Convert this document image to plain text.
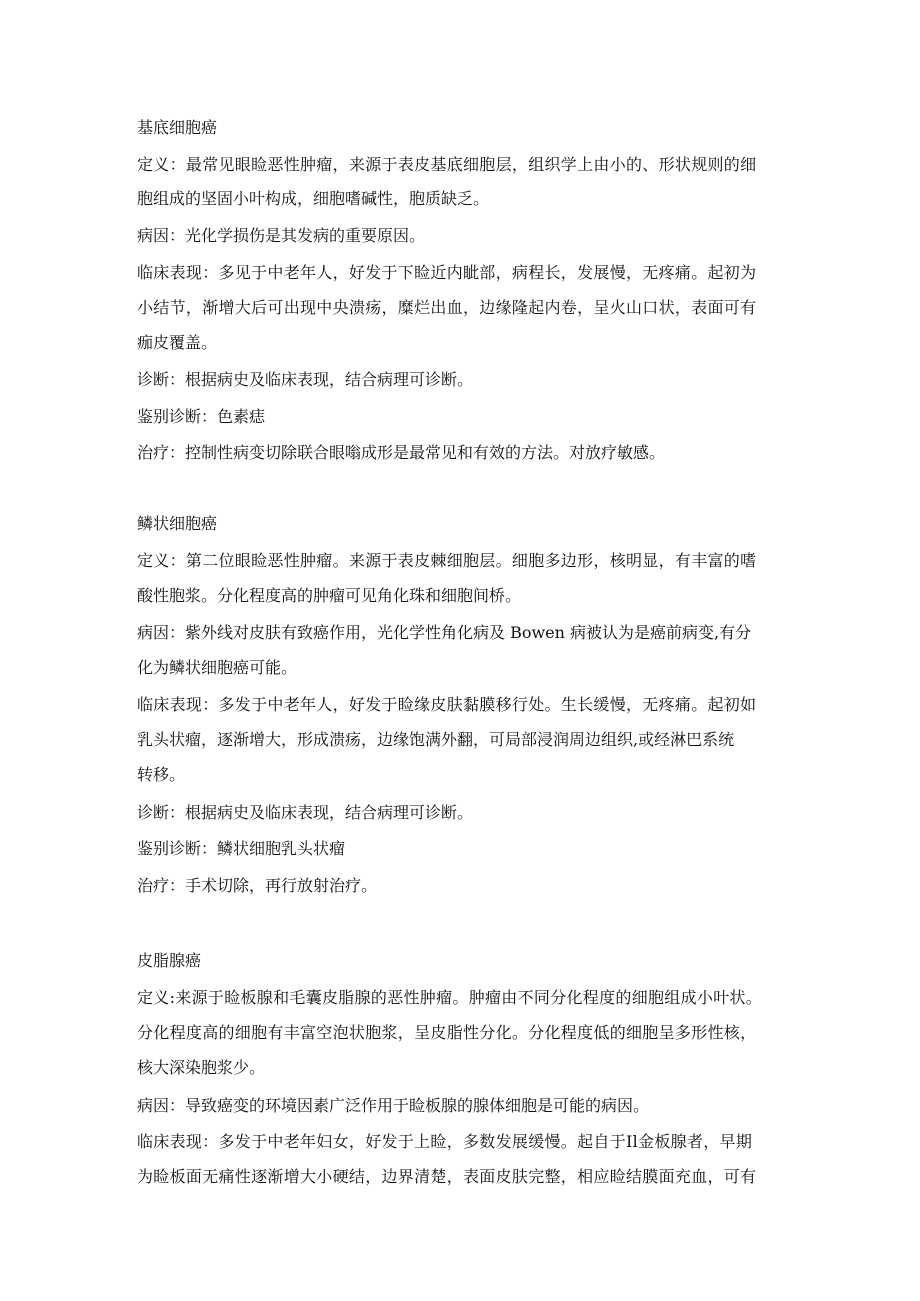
基底细胞癌
定义：最常见眼睑恶性肿瘤，来源于表皮基底细胞层，组织学上由小的、形状规则的细
胞组成的坚固小叶构成，细胞嗜碱性，胞质缺乏。
病因：光化学损伤是其发病的重要原因。
临床表现：多见于中老年人，好发于下睑近内眦部，病程长，发展慢，无疼痛。起初为
小结节，渐增大后可出现中央溃疡，糜烂出血，边缘隆起内卷，呈火山口状，表面可有
痂皮覆盖。
诊断：根据病史及临床表现，结合病理可诊断。
鉴别诊断：色素痣
治疗：控制性病变切除联合眼嗡成形是最常见和有效的方法。对放疗敏感。
鳞状细胞癌
定义：第二位眼睑恶性肿瘤。来源于表皮棘细胞层。细胞多边形，核明显，有丰富的嗜
酸性胞浆。分化程度高的肿瘤可见角化珠和细胞间桥。
病因：紫外线对皮肤有致癌作用，光化学性角化病及 Bowen 病被认为是癌前病变,有分
化为鳞状细胞癌可能。
临床表现：多发于中老年人，好发于睑缘皮肤黏膜移行处。生长缓慢，无疼痛。起初如
乳头状瘤，逐渐增大，形成溃疡，边缘饱满外翻，可局部浸润周边组织,或经淋巴系统
转移。
诊断：根据病史及临床表现，结合病理可诊断。
鉴别诊断：鳞状细胞乳头状瘤
治疗：手术切除，再行放射治疗。
皮脂腺癌
定义:来源于睑板腺和毛囊皮脂腺的恶性肿瘤。肿瘤由不同分化程度的细胞组成小叶状。
分化程度高的细胞有丰富空泡状胞浆，呈皮脂性分化。分化程度低的细胞呈多形性核，
核大深染胞浆少。
病因：导致癌变的环境因素广泛作用于睑板腺的腺体细胞是可能的病因。
临床表现：多发于中老年妇女，好发于上睑，多数发展缓慢。起自于Il金板腺者，早期
为睑板面无痛性逐渐增大小硬结，边界清楚，表面皮肤完整，相应睑结膜面充血，可有
